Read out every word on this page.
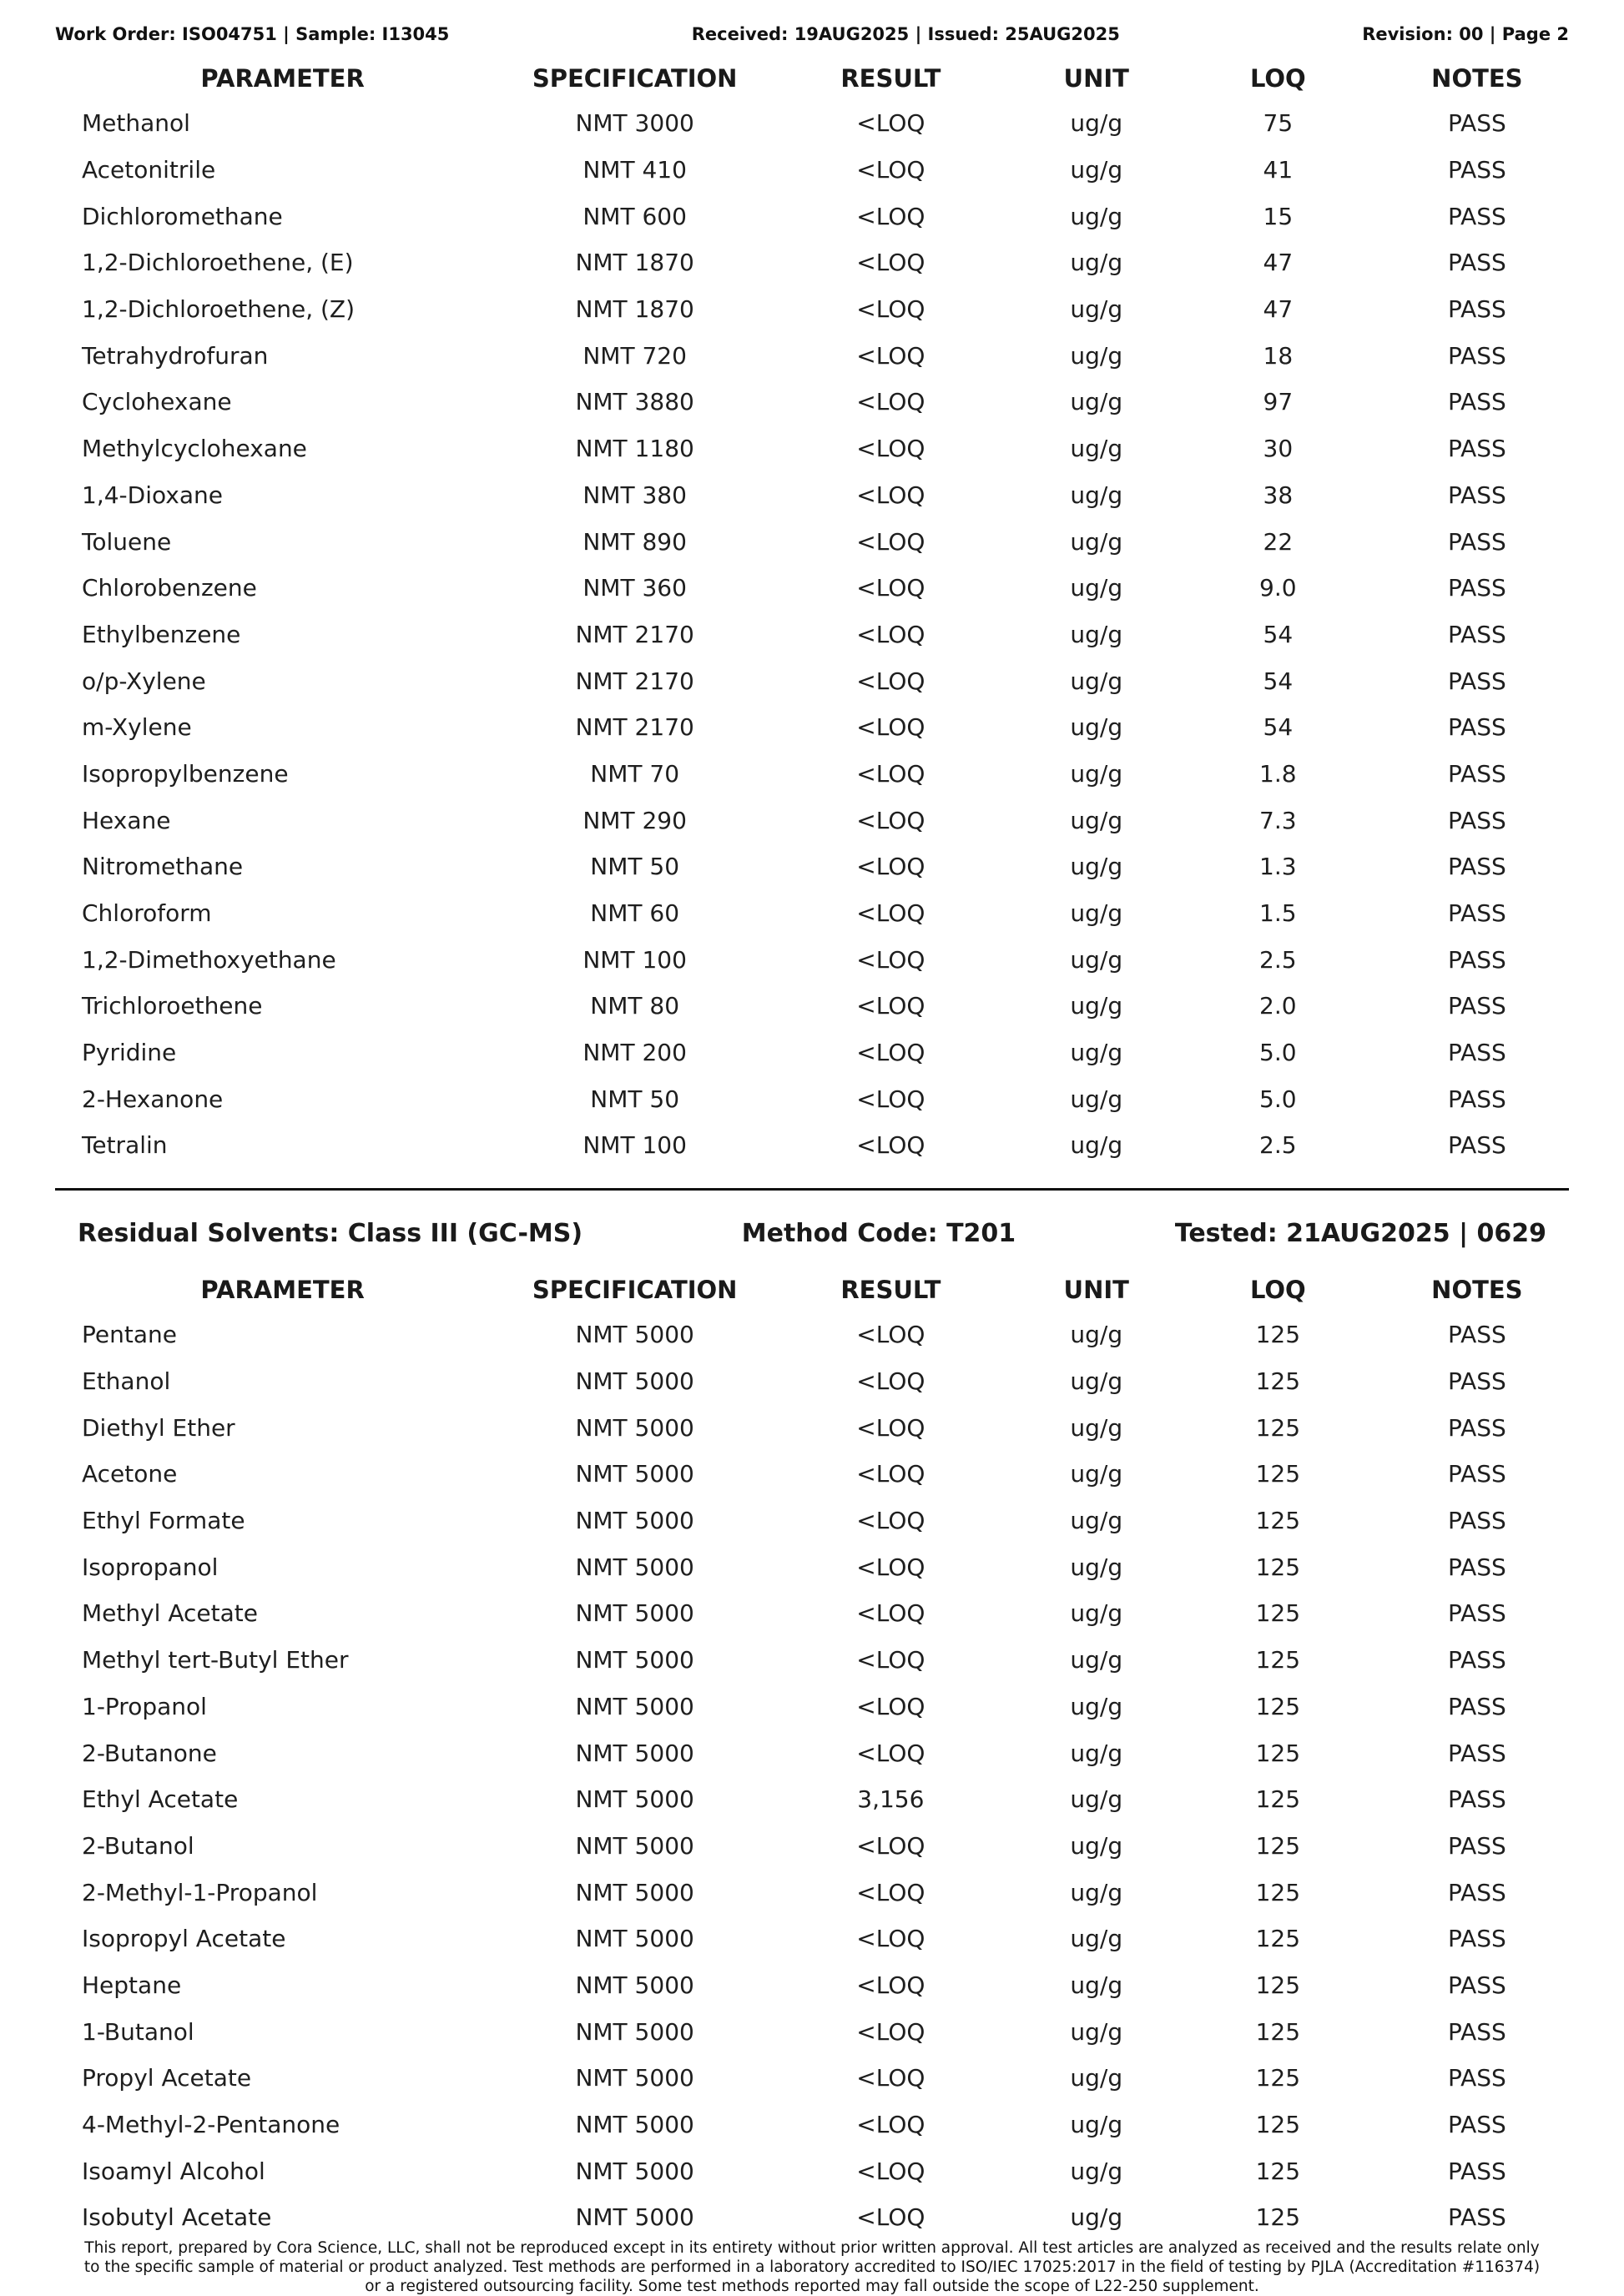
Work Order: ISO04751 | Sample: I13045	Received: 19AUG2025 | Issued: 25AUG2025	Revision: 00 | Page 2
PARAMETER	SPECIFICATION	RESULT	UNIT	LOQ	NOTES
Methanol	NMT 3000	<LOQ	ug/g	75	PASS
Acetonitrile	NMT 410	<LOQ	ug/g	41	PASS
Dichloromethane	NMT 600	<LOQ	ug/g	15	PASS
1,2-Dichloroethene, (E)	NMT 1870	<LOQ	ug/g	47	PASS
1,2-Dichloroethene, (Z)	NMT 1870	<LOQ	ug/g	47	PASS
Tetrahydrofuran	NMT 720	<LOQ	ug/g	18	PASS
Cyclohexane	NMT 3880	<LOQ	ug/g	97	PASS
Methylcyclohexane	NMT 1180	<LOQ	ug/g	30	PASS
1,4-Dioxane	NMT 380	<LOQ	ug/g	38	PASS
Toluene	NMT 890	<LOQ	ug/g	22	PASS
Chlorobenzene	NMT 360	<LOQ	ug/g	9.0	PASS
Ethylbenzene	NMT 2170	<LOQ	ug/g	54	PASS
o/p-Xylene	NMT 2170	<LOQ	ug/g	54	PASS
m-Xylene	NMT 2170	<LOQ	ug/g	54	PASS
Isopropylbenzene	NMT 70	<LOQ	ug/g	1.8	PASS
Hexane	NMT 290	<LOQ	ug/g	7.3	PASS
Nitromethane	NMT 50	<LOQ	ug/g	1.3	PASS
Chloroform	NMT 60	<LOQ	ug/g	1.5	PASS
1,2-Dimethoxyethane	NMT 100	<LOQ	ug/g	2.5	PASS
Trichloroethene	NMT 80	<LOQ	ug/g	2.0	PASS
Pyridine	NMT 200	<LOQ	ug/g	5.0	PASS
2-Hexanone	NMT 50	<LOQ	ug/g	5.0	PASS
Tetralin	NMT 100	<LOQ	ug/g	2.5	PASS
Residual Solvents: Class III (GC-MS)	Method Code: T201	Tested: 21AUG2025 | 0629
PARAMETER	SPECIFICATION	RESULT	UNIT	LOQ	NOTES
Pentane	NMT 5000	<LOQ	ug/g	125	PASS
Ethanol	NMT 5000	<LOQ	ug/g	125	PASS
Diethyl Ether	NMT 5000	<LOQ	ug/g	125	PASS
Acetone	NMT 5000	<LOQ	ug/g	125	PASS
Ethyl Formate	NMT 5000	<LOQ	ug/g	125	PASS
Isopropanol	NMT 5000	<LOQ	ug/g	125	PASS
Methyl Acetate	NMT 5000	<LOQ	ug/g	125	PASS
Methyl tert-Butyl Ether	NMT 5000	<LOQ	ug/g	125	PASS
1-Propanol	NMT 5000	<LOQ	ug/g	125	PASS
2-Butanone	NMT 5000	<LOQ	ug/g	125	PASS
Ethyl Acetate	NMT 5000	3,156	ug/g	125	PASS
2-Butanol	NMT 5000	<LOQ	ug/g	125	PASS
2-Methyl-1-Propanol	NMT 5000	<LOQ	ug/g	125	PASS
Isopropyl Acetate	NMT 5000	<LOQ	ug/g	125	PASS
Heptane	NMT 5000	<LOQ	ug/g	125	PASS
1-Butanol	NMT 5000	<LOQ	ug/g	125	PASS
Propyl Acetate	NMT 5000	<LOQ	ug/g	125	PASS
4-Methyl-2-Pentanone	NMT 5000	<LOQ	ug/g	125	PASS
Isoamyl Alcohol	NMT 5000	<LOQ	ug/g	125	PASS
Isobutyl Acetate	NMT 5000	<LOQ	ug/g	125	PASS
This report, prepared by Cora Science, LLC, shall not be reproduced except in its entirety without prior written approval. All test articles are analyzed as received and the results relate only
to the specific sample of material or product analyzed. Test methods are performed in a laboratory accredited to ISO/IEC 17025:2017 in the field of testing by PJLA (Accreditation #116374)
or a registered outsourcing facility. Some test methods reported may fall outside the scope of L22-250 supplement.
